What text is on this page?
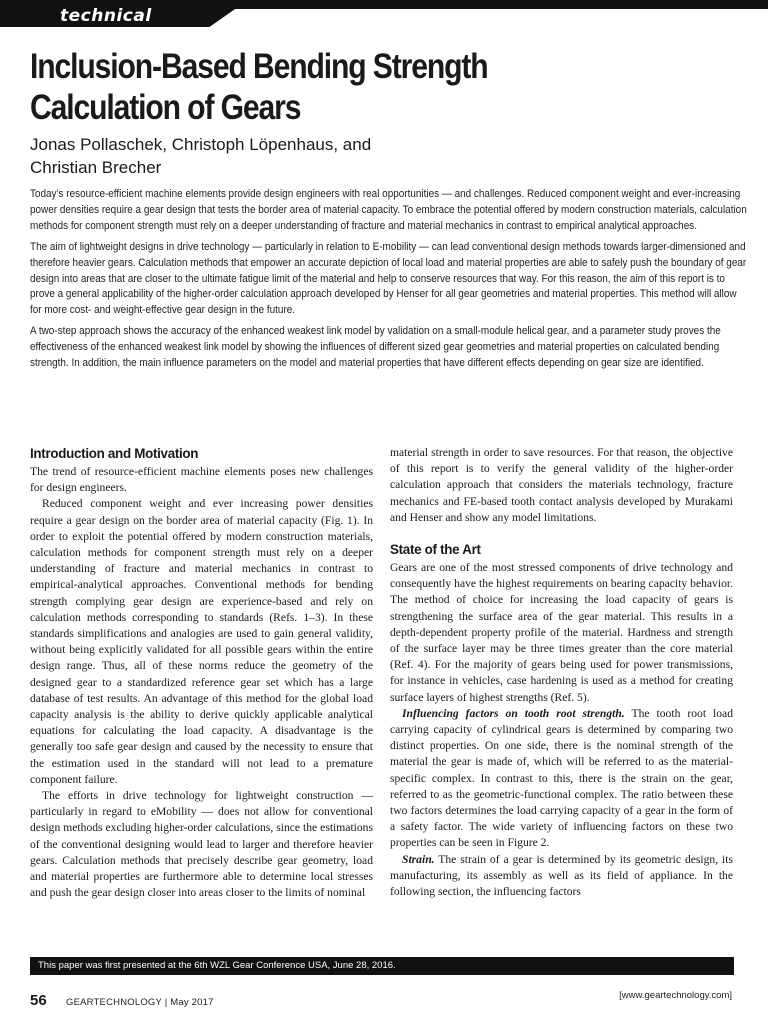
technical
Inclusion-Based Bending Strength
Calculation of Gears
Jonas Pollaschek, Christoph Löpenhaus, and
Christian Brecher

Today’s resource-efficient machine elements provide design engineers with real opportunities — and challenges. Reduced component weight and ever-increasing power densities require a gear design that tests the border area of material capacity. To embrace the potential offered by modern construction materials, calculation methods for component strength must rely on a deeper understanding of fracture and material mechanics in contrast to empirical analytical approaches.

The aim of lightweight designs in drive technology — particularly in relation to E-mobility — can lead conventional design methods towards larger-dimensioned and therefore heavier gears. Calculation methods that empower an accurate depiction of local load and material properties are able to safely push the boundary of gear design into areas that are closer to the ultimate fatigue limit of the material and help to conserve resources that way. For this reason, the aim of this report is to prove a general applicability of the higher-order calculation approach developed by Henser for all gear geometries and material properties. This method will allow for more cost- and weight-effective gear design in the future.

A two-step approach shows the accuracy of the enhanced weakest link model by validation on a small-module helical gear, and a parameter study proves the effectiveness of the enhanced weakest link model by showing the influences of different sized gear geometries and material properties on calculated bending strength. In addition, the main influence parameters on the model and material properties that have different effects depending on gear size are identified.

Introduction and Motivation

The trend of resource-efficient machine elements poses new challenges for design engineers.

Reduced component weight and ever increasing power densities require a gear design on the border area of material capacity (Fig. 1). In order to exploit the potential offered by modern construction materials, calculation methods for component strength must rely on a deeper understanding of fracture and material mechanics in contrast to empirical-analytical approaches. Conventional methods for bending strength complying gear design are experience-based and rely on calculation methods corresponding to standards (Refs. 1–3). In these standards simplifications and analogies are used to gain general validity, without being explicitly validated for all possible gears within the entire design range. Thus, all of these norms reduce the geometry of the designed gear to a standardized reference gear set which has a large database of test results. An advantage of this method for the global load capacity analysis is the ability to derive quickly applicable analytical equations for calculating the load capacity. A disadvantage is the generally too safe gear design and caused by the necessity to ensure that the estimation used in the standard will not lead to a premature component failure.

The efforts in drive technology for lightweight construction — particularly in regard to eMobility — does not allow for conventional design methods excluding higher-order calculations, since the estimations of the conventional designing would lead to larger and therefore heavier gears. Calculation methods that precisely describe gear geometry, load and material properties are furthermore able to determine local stresses and push the gear design closer into areas closer to the limits of nominal

material strength in order to save resources. For that reason, the objective of this report is to verify the general validity of the higher-order calculation approach that considers the materials technology, fracture mechanics and FE-based tooth contact analysis developed by Murakami and Henser and show any model limitations.

State of the Art

Gears are one of the most stressed components of drive technology and consequently have the highest requirements on bearing capacity behavior. The method of choice for increasing the load capacity of gears is strengthening the surface area of the gear material. This results in a depth-dependent property profile of the material. Hardness and strength of the surface layer may be three times greater than the core material (Ref. 4). For the majority of gears being used for power transmissions, for instance in vehicles, case hardening is used as a method for creating surface layers of highest strengths (Ref. 5).

Influencing factors on tooth root strength. The tooth root load carrying capacity of cylindrical gears is determined by comparing two distinct properties. On one side, there is the nominal strength of the material the gear is made of, which will be referred to as the material-specific complex. In contrast to this, there is the strain on the gear, referred to as the geometric-functional complex. The ratio between these two factors determines the load carrying capacity of a gear in the form of a safety factor. The wide variety of influencing factors on these two properties can be seen in Figure 2.

Strain. The strain of a gear is determined by its geometric design, its manufacturing, its assembly as well as its field of appliance. In the following section, the influencing factors

This paper was first presented at the 6th WZL Gear Conference USA, June 28, 2016.
56 GEARTECHNOLOGY | May 2017
[www.geartechnology.com]
